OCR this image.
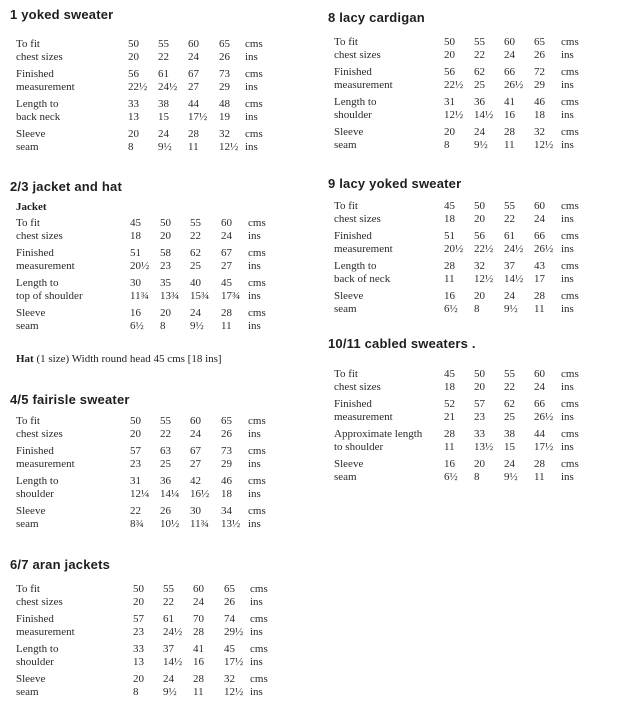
1 yoked sweater
To fit
chest sizes
50 55 60 65
20 22 24 26
cms
ins
Finished
measurement
56 61 67 73
22½ 24½ 27 29
cms
ins
Length to
back neck
33 38 44 48
13 15 17½ 19
cms
ins
Sleeve
seam
20 24 28 32
8 9½ 11 12½
cms
ins
2/3 jacket and hat
Jacket
To fit
chest sizes
45 50 55 60
18 20 22 24
cms
ins
Finished
measurement
51 58 62 67
20½ 23 25 27
cms
ins
Length to
top of shoulder
30 35 40 45
11¾ 13¾ 15¾ 17¾
cms
ins
Sleeve
seam
16 20 24 28
6½ 8 9½ 11
cms
ins
Hat (1 size) Width round head 45 cms [18 ins]
4/5 fairisle sweater
To fit
chest sizes
50 55 60 65
20 22 24 26
cms
ins
Finished
measurement
57 63 67 73
23 25 27 29
cms
ins
Length to
shoulder
31 36 42 46
12¼ 14¼ 16½ 18
cms
ins
Sleeve
seam
22 26 30 34
8¾ 10½ 11¾ 13½
cms
ins
6/7 aran jackets
To fit
chest sizes
50 55 60 65
20 22 24 26
cms
ins
Finished
measurement
57 61 70 74
23 24½ 28 29½
cms
ins
Length to
shoulder
33 37 41 45
13 14½ 16 17½
cms
ins
Sleeve
seam
20 24 28 32
8 9½ 11 12½
cms
ins
8 lacy cardigan
To fit
chest sizes
50 55 60 65
20 22 24 26
cms
ins
Finished
measurement
56 62 66 72
22½ 25 26½ 29
cms
ins
Length to
shoulder
31 36 41 46
12½ 14½ 16 18
cms
ins
Sleeve
seam
20 24 28 32
8 9½ 11 12½
cms
ins
9 lacy yoked sweater
To fit
chest sizes
45 50 55 60
18 20 22 24
cms
ins
Finished
measurement
51 56 61 66
20½ 22½ 24½ 26½
cms
ins
Length to
back of neck
28 32 37 43
11 12½ 14½ 17
cms
ins
Sleeve
seam
16 20 24 28
6½ 8 9½ 11
cms
ins
10/11 cabled sweaters .
To fit
chest sizes
45 50 55 60
18 20 22 24
cms
ins
Finished
measurement
52 57 62 66
21 23 25 26½
cms
ins
Approximate length
to shoulder
28 33 38 44
11 13½ 15 17½
cms
ins
Sleeve
seam
16 20 24 28
6½ 8 9½ 11
cms
ins
